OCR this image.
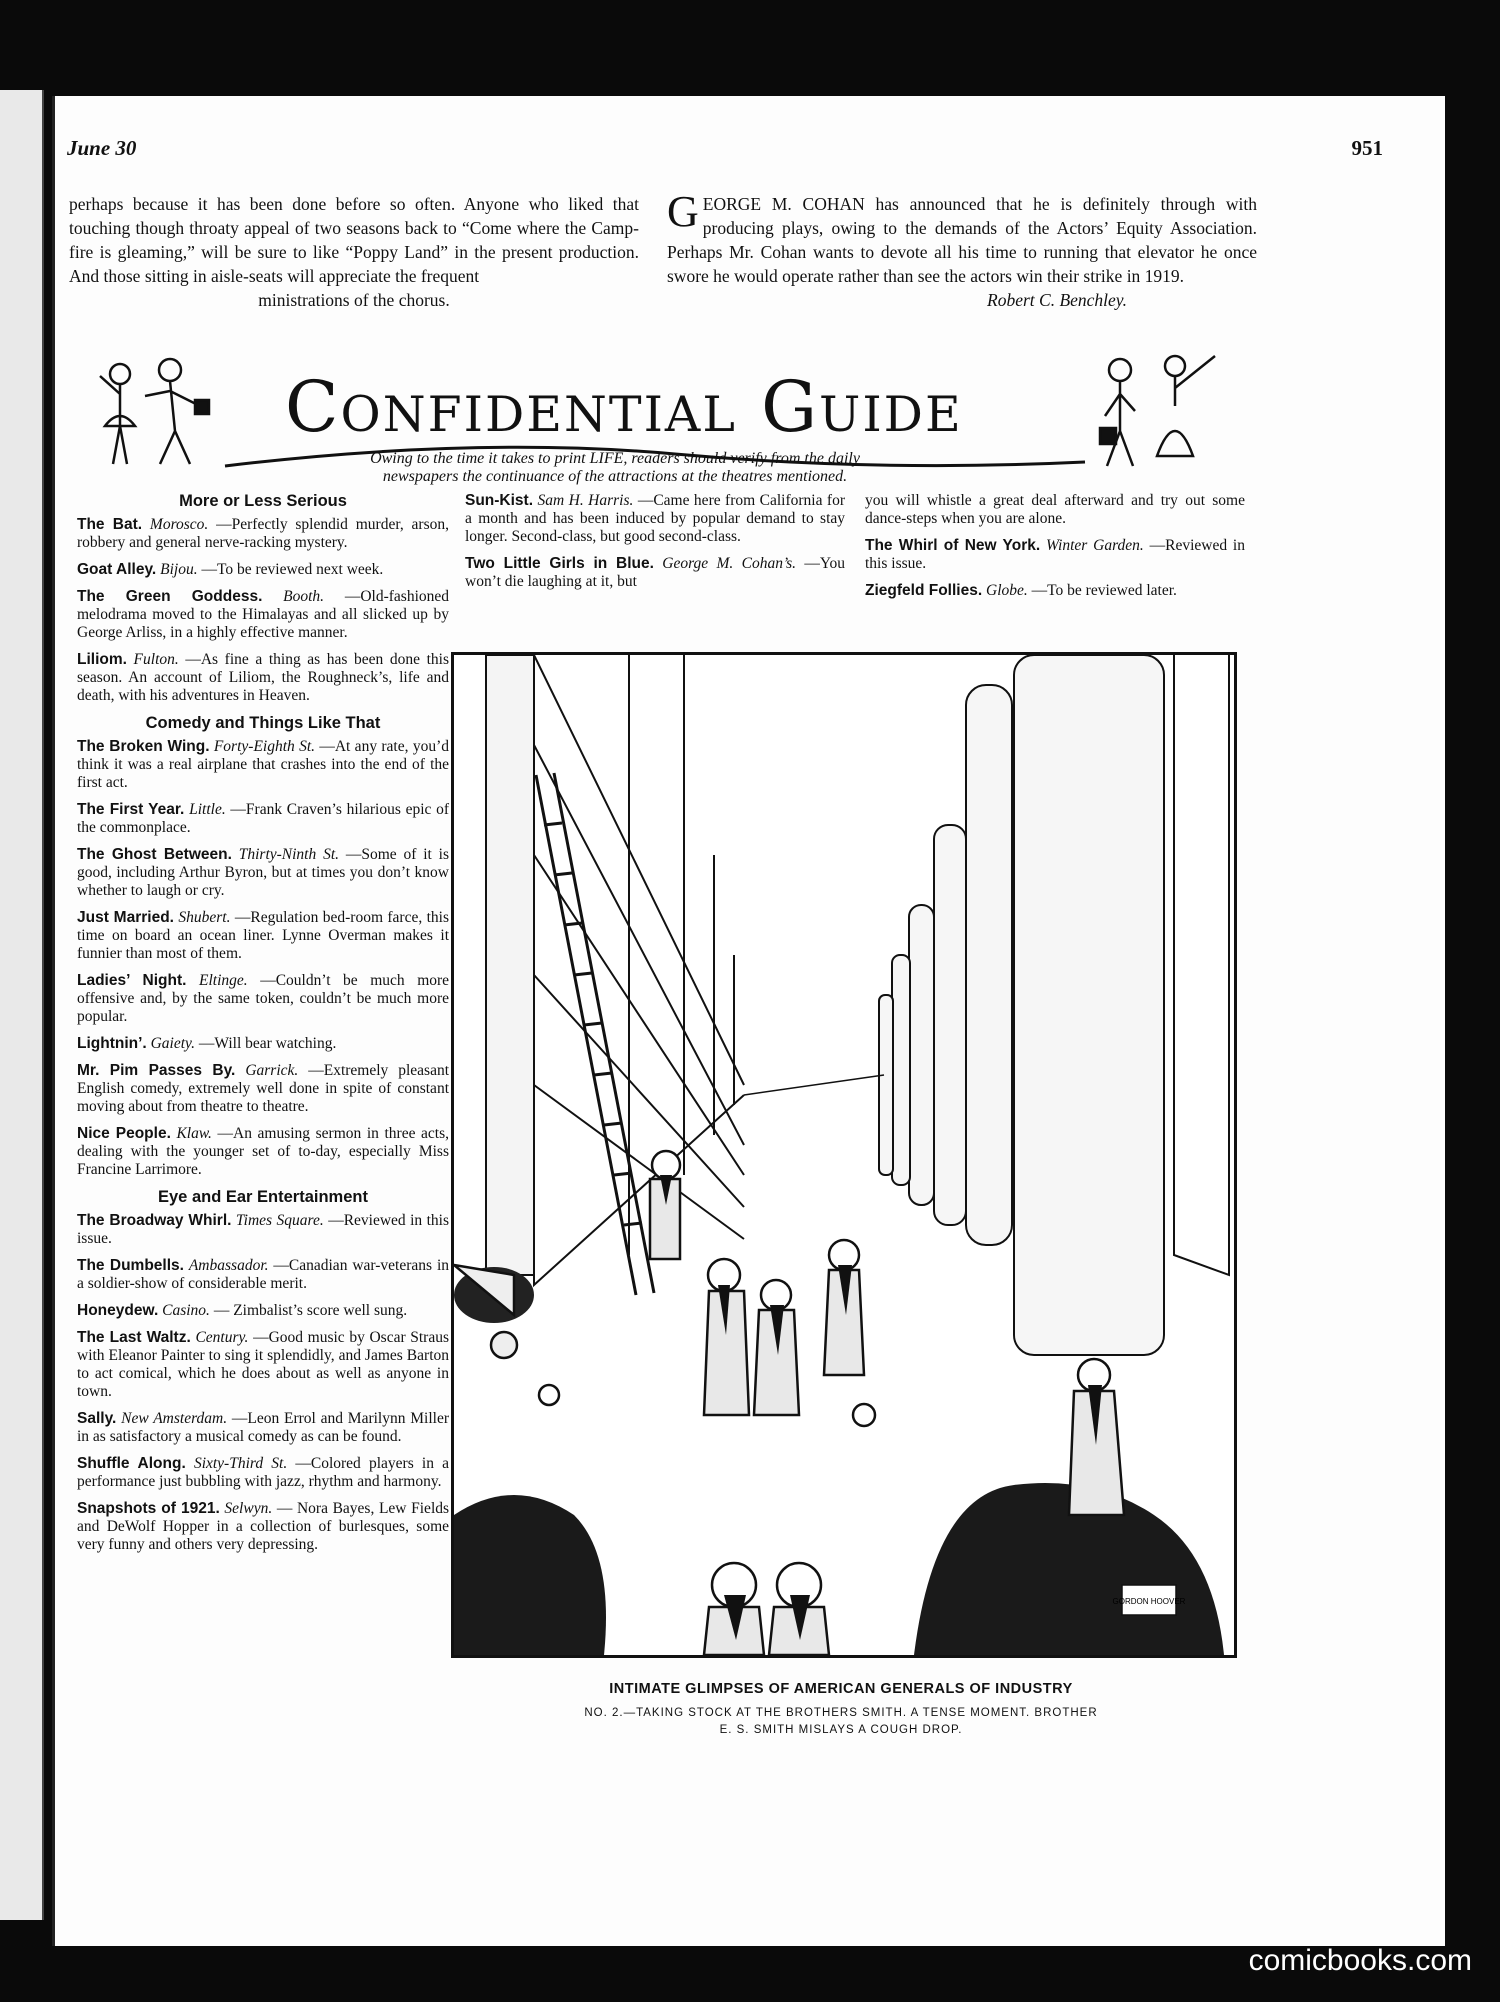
June 30	951
perhaps because it has been done before so often. Anyone who liked that touching though throaty appeal of two seasons back to “Come where the Camp-fire is gleaming,” will be sure to like “Poppy Land” in the present production. And those sitting in aisle-seats will appreciate the frequent
ministrations of the chorus.
G EORGE M. COHAN has announced that he is definitely through with producing plays, owing to the demands of the Actors’ Equity Association. Perhaps Mr. Cohan wants to devote all his time to running that elevator he once swore he would operate rather than see the actors win their strike in 1919.
Robert C. Benchley.
Confidential Guide
Owing to the time it takes to print LIFE, readers should verify from the daily newspapers the continuance of the attractions at the theatres mentioned.
More or Less Serious

The Bat. Morosco. —Perfectly splendid murder, arson, robbery and general nerve-racking mystery.

Goat Alley. Bijou. —To be reviewed next week.

The Green Goddess. Booth. —Old-fashioned melodrama moved to the Himalayas and all slicked up by George Arliss, in a highly effective manner.

Liliom. Fulton. —As fine a thing as has been done this season. An account of Liliom, the Roughneck’s, life and death, with his adventures in Heaven.

Comedy and Things Like That

The Broken Wing. Forty-Eighth St. —At any rate, you’d think it was a real airplane that crashes into the end of the first act.

The First Year. Little. —Frank Craven’s hilarious epic of the commonplace.

The Ghost Between. Thirty-Ninth St. —Some of it is good, including Arthur Byron, but at times you don’t know whether to laugh or cry.

Just Married. Shubert. —Regulation bed-room farce, this time on board an ocean liner. Lynne Overman makes it funnier than most of them.

Ladies’ Night. Eltinge. —Couldn’t be much more offensive and, by the same token, couldn’t be much more popular.

Lightnin’. Gaiety. —Will bear watching.

Mr. Pim Passes By. Garrick. —Extremely pleasant English comedy, extremely well done in spite of constant moving about from theatre to theatre.

Nice People. Klaw. —An amusing sermon in three acts, dealing with the younger set of to-day, especially Miss Francine Larrimore.

Eye and Ear Entertainment

The Broadway Whirl. Times Square. —Reviewed in this issue.

The Dumbells. Ambassador. —Canadian war-veterans in a soldier-show of considerable merit.

Honeydew. Casino. — Zimbalist’s score well sung.

The Last Waltz. Century. —Good music by Oscar Straus with Eleanor Painter to sing it splendidly, and James Barton to act comical, which he does about as well as anyone in town.

Sally. New Amsterdam. —Leon Errol and Marilynn Miller in as satisfactory a musical comedy as can be found.

Shuffle Along. Sixty-Third St. —Colored players in a performance just bubbling with jazz, rhythm and harmony.

Snapshots of 1921. Selwyn. — Nora Bayes, Lew Fields and DeWolf Hopper in a collection of burlesques, some very funny and others very depressing.

Sun-Kist. Sam H. Harris. —Came here from California for a month and has been induced by popular demand to stay longer. Second-class, but good second-class.

Two Little Girls in Blue. George M. Cohan’s. —You won’t die laughing at it, but

you will whistle a great deal afterward and try out some dance-steps when you are alone.

The Whirl of New York. Winter Garden. —Reviewed in this issue.

Ziegfeld Follies. Globe. —To be reviewed later.

GORDON HOOVER
INTIMATE GLIMPSES OF AMERICAN GENERALS OF INDUSTRY
NO. 2.—TAKING STOCK AT THE BROTHERS SMITH. A TENSE MOMENT. BROTHER
E. S. SMITH MISLAYS A COUGH DROP.
comicbooks.com
